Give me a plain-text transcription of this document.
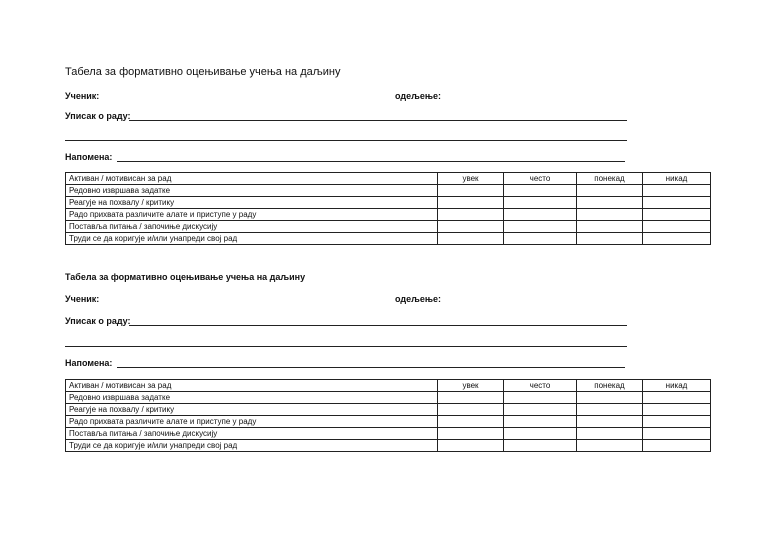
Табела за формативно оцењивање учења на даљину
Ученик:	одељење:
Уписак о раду:
Напомена:
Активан / мотивисан за рад	увек	често	понекад	никад
Редовно извршава задатке				
Реагује на похвалу / критику				
Радо прихвата различите алате и приступе у раду				
Поставља питања / започиње дискусију				
Труди се да коригује и/или унапреди свој рад				
Табела за формативно оцењивање учења на даљину
Ученик:	одељење:
Уписак о раду:
Напомена:
Активан / мотивисан за рад	увек	често	понекад	никад
Редовно извршава задатке				
Реагује на похвалу / критику				
Радо прихвата различите алате и приступе у раду				
Поставља питања / започиње дискусију				
Труди се да коригује и/или унапреди свој рад				
